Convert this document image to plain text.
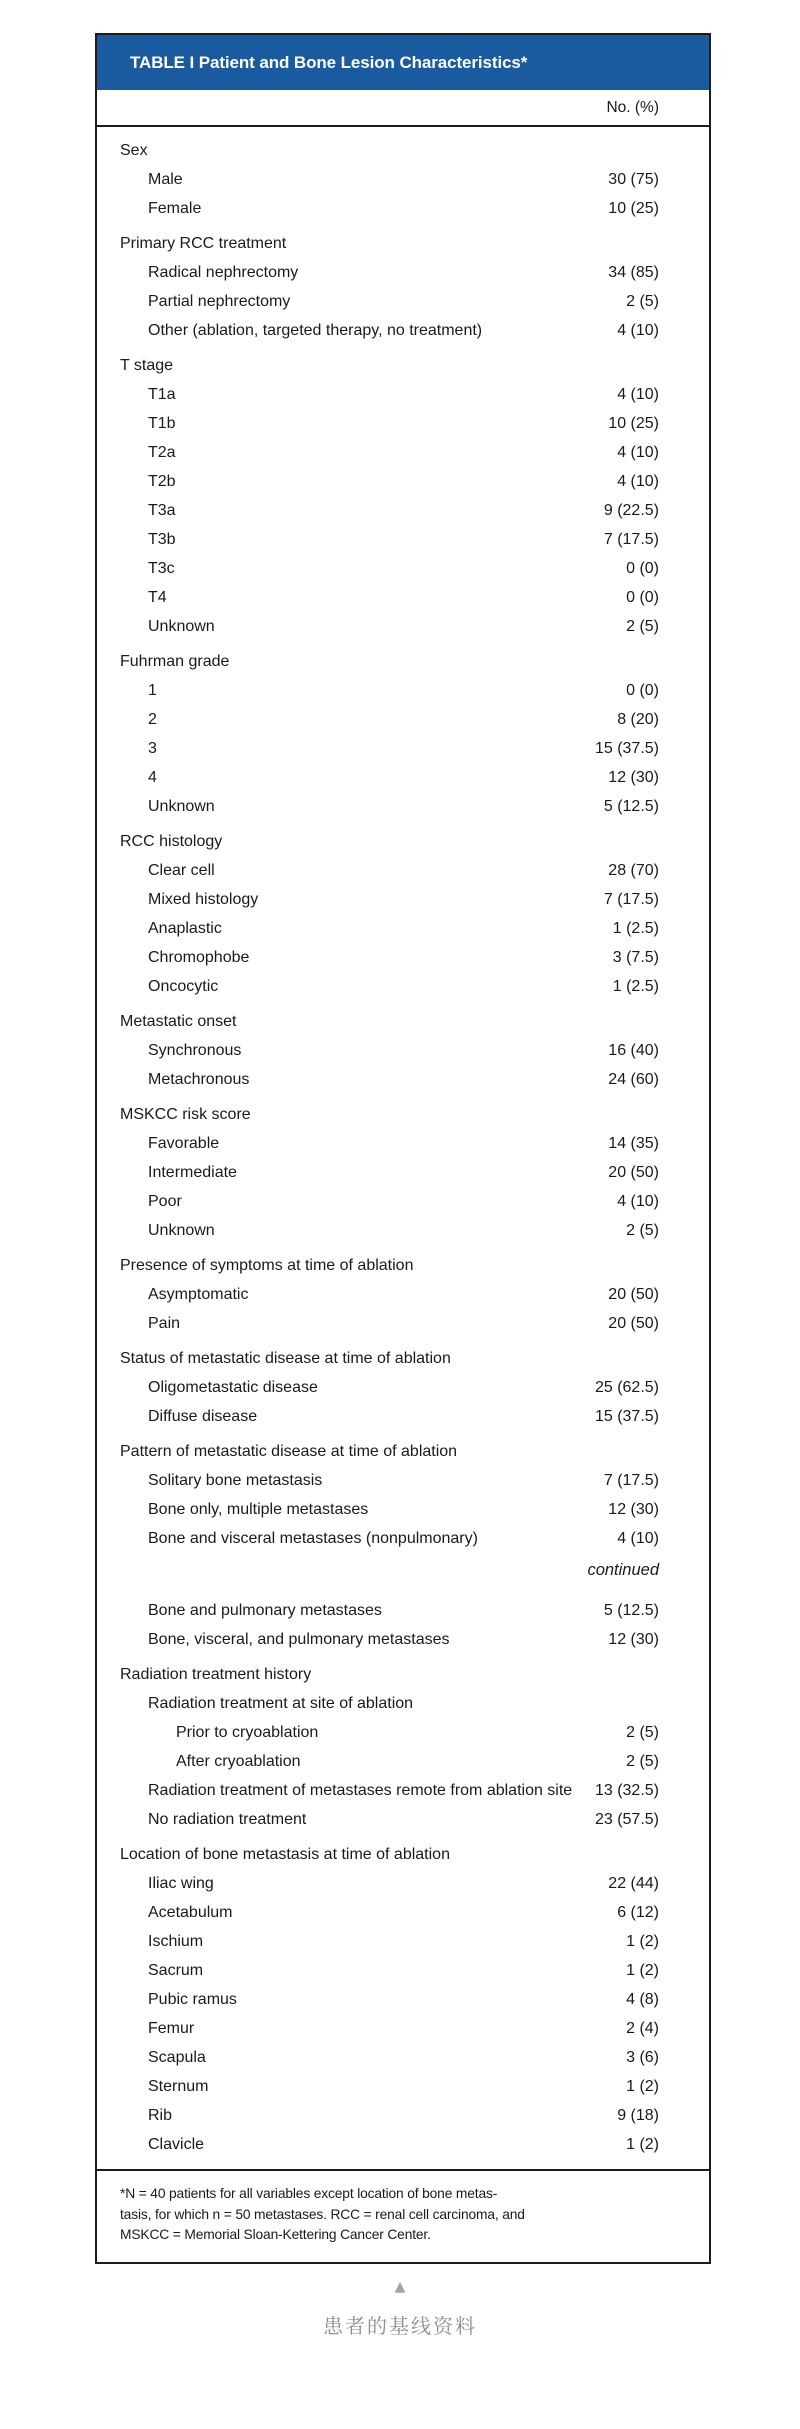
TABLE I Patient and Bone Lesion Characteristics*
No. (%)
Sex
Male	30 (75)
Female	10 (25)
Primary RCC treatment
Radical nephrectomy	34 (85)
Partial nephrectomy	2 (5)
Other (ablation, targeted therapy, no treatment)	4 (10)
T stage
T1a	4 (10)
T1b	10 (25)
T2a	4 (10)
T2b	4 (10)
T3a	9 (22.5)
T3b	7 (17.5)
T3c	0 (0)
T4	0 (0)
Unknown	2 (5)
Fuhrman grade
1	0 (0)
2	8 (20)
3	15 (37.5)
4	12 (30)
Unknown	5 (12.5)
RCC histology
Clear cell	28 (70)
Mixed histology	7 (17.5)
Anaplastic	1 (2.5)
Chromophobe	3 (7.5)
Oncocytic	1 (2.5)
Metastatic onset
Synchronous	16 (40)
Metachronous	24 (60)
MSKCC risk score
Favorable	14 (35)
Intermediate	20 (50)
Poor	4 (10)
Unknown	2 (5)
Presence of symptoms at time of ablation
Asymptomatic	20 (50)
Pain	20 (50)
Status of metastatic disease at time of ablation
Oligometastatic disease	25 (62.5)
Diffuse disease	15 (37.5)
Pattern of metastatic disease at time of ablation
Solitary bone metastasis	7 (17.5)
Bone only, multiple metastases	12 (30)
Bone and visceral metastases (nonpulmonary)	4 (10)
continued
Bone and pulmonary metastases	5 (12.5)
Bone, visceral, and pulmonary metastases	12 (30)
Radiation treatment history
Radiation treatment at site of ablation
Prior to cryoablation	2 (5)
After cryoablation	2 (5)
Radiation treatment of metastases remote from ablation site	13 (32.5)
No radiation treatment	23 (57.5)
Location of bone metastasis at time of ablation
Iliac wing	22 (44)
Acetabulum	6 (12)
Ischium	1 (2)
Sacrum	1 (2)
Pubic ramus	4 (8)
Femur	2 (4)
Scapula	3 (6)
Sternum	1 (2)
Rib	9 (18)
Clavicle	1 (2)
*N = 40 patients for all variables except location of bone metas-
tasis, for which n = 50 metastases. RCC = renal cell carcinoma, and
MSKCC = Memorial Sloan-Kettering Cancer Center.
▲
患者的基线资料
